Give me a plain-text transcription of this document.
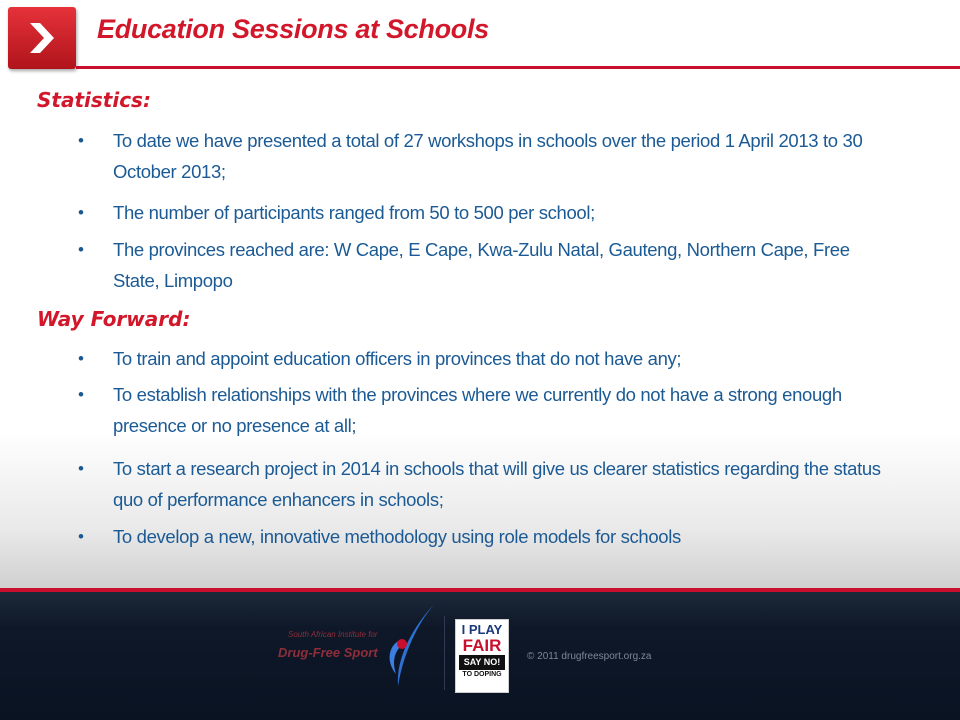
Education Sessions at Schools
Statistics:
• To date we have presented a total of 27 workshops in schools over the period 1 April 2013 to 30 October 2013;
• The number of participants ranged from 50 to 500 per school;
• The provinces reached are: W Cape, E Cape, Kwa-Zulu Natal, Gauteng, Northern Cape, Free State, Limpopo
Way Forward:
• To train and appoint education officers in provinces that do not have any;
• To establish relationships with the provinces where we currently do not have a strong enough presence or no presence at all;
• To start a research project in 2014 in schools that will give us clearer statistics regarding the status quo of performance enhancers in schools;
• To develop a new, innovative methodology using role models for schools
South African Institute for
Drug-Free Sport
I PLAY
FAIR
SAY NO!
TO DOPING
© 2011 drugfreesport.org.za
